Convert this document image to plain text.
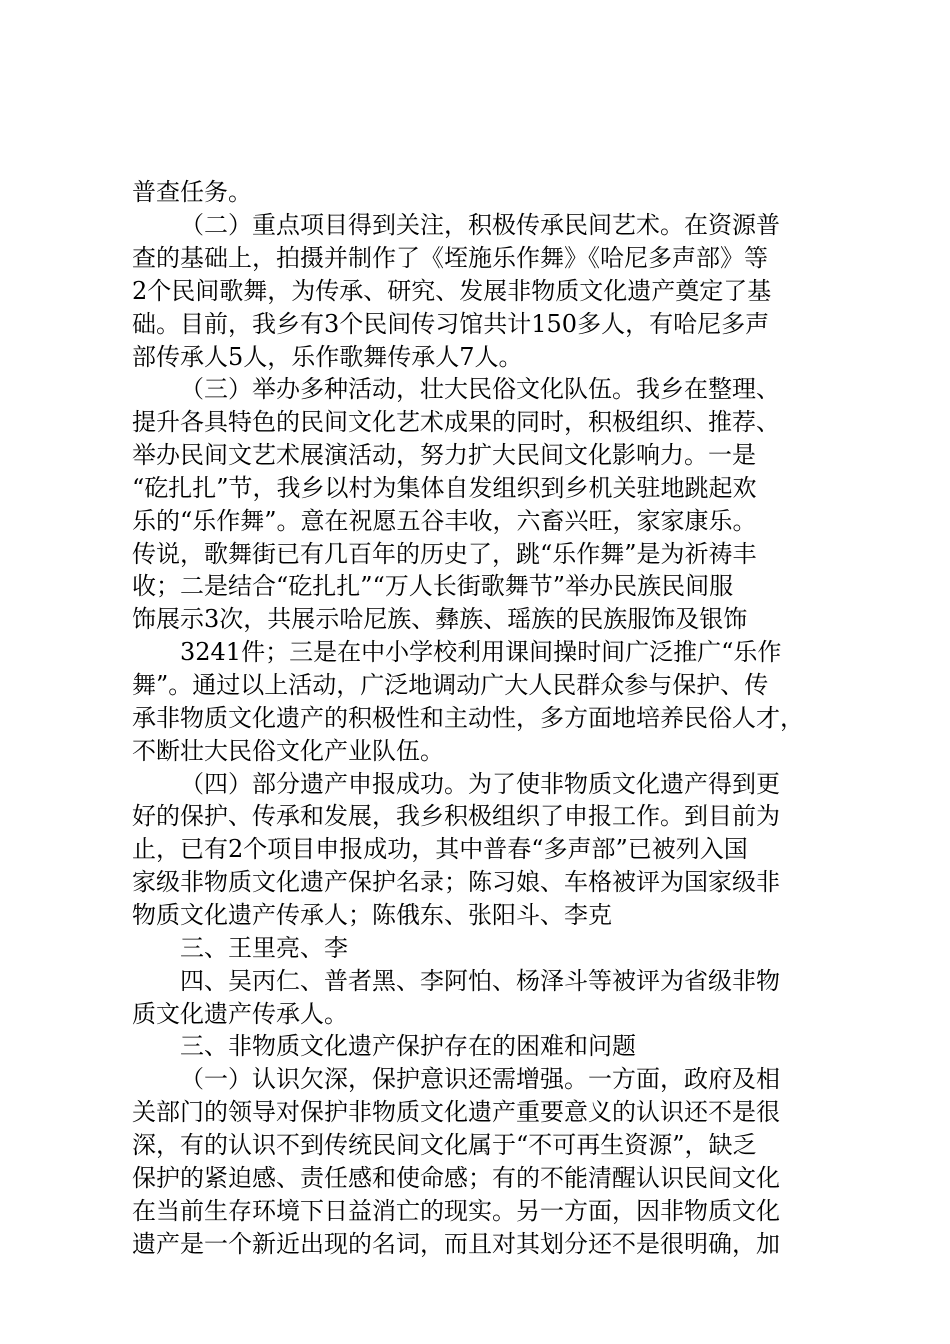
普查任务。
（二）重点项目得到关注，积极传承民间艺术。在资源普
查的基础上，拍摄并制作了《垤施乐作舞》《哈尼多声部》等
2个民间歌舞，为传承、研究、发展非物质文化遗产奠定了基
础。目前，我乡有3个民间传习馆共计150多人，有哈尼多声
部传承人5人，乐作歌舞传承人7人。
（三）举办多种活动，壮大民俗文化队伍。我乡在整理、
提升各具特色的民间文化艺术成果的同时，积极组织、推荐、
举办民间文艺术展演活动，努力扩大民间文化影响力。一是
“矻扎扎”节，我乡以村为集体自发组织到乡机关驻地跳起欢
乐的“乐作舞”。意在祝愿五谷丰收，六畜兴旺，家家康乐。
传说，歌舞街已有几百年的历史了，跳“乐作舞”是为祈祷丰
收；二是结合“矻扎扎”“万人长街歌舞节”举办民族民间服
饰展示3次，共展示哈尼族、彝族、瑶族的民族服饰及银饰
3241件；三是在中小学校利用课间操时间广泛推广“乐作
舞”。通过以上活动，广泛地调动广大人民群众参与保护、传
承非物质文化遗产的积极性和主动性，多方面地培养民俗人才，
不断壮大民俗文化产业队伍。
（四）部分遗产申报成功。为了使非物质文化遗产得到更
好的保护、传承和发展，我乡积极组织了申报工作。到目前为
止，已有2个项目申报成功，其中普春“多声部”已被列入国
家级非物质文化遗产保护名录；陈习娘、车格被评为国家级非
物质文化遗产传承人；陈俄东、张阳斗、李克
三、王里亮、李
四、吴丙仁、普者黑、李阿怕、杨泽斗等被评为省级非物
质文化遗产传承人。
三、非物质文化遗产保护存在的困难和问题
（一）认识欠深，保护意识还需增强。一方面，政府及相
关部门的领导对保护非物质文化遗产重要意义的认识还不是很
深，有的认识不到传统民间文化属于“不可再生资源”，缺乏
保护的紧迫感、责任感和使命感；有的不能清醒认识民间文化
在当前生存环境下日益消亡的现实。另一方面，因非物质文化
遗产是一个新近出现的名词，而且对其划分还不是很明确，加
